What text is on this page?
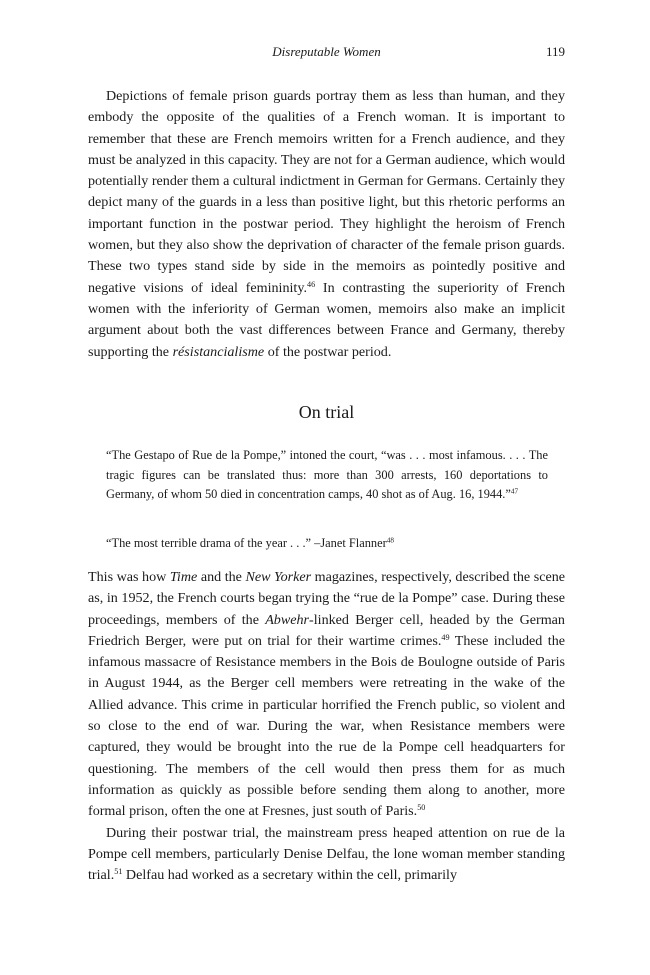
Disreputable Women	119

Depictions of female prison guards portray them as less than human, and they embody the opposite of the qualities of a French woman. It is important to remember that these are French memoirs written for a French audience, and they must be analyzed in this capacity. They are not for a German audience, which would potentially render them a cultural indictment in German for Germans. Certainly they depict many of the guards in a less than positive light, but this rhetoric performs an important function in the postwar period. They highlight the heroism of French women, but they also show the deprivation of character of the female prison guards. These two types stand side by side in the memoirs as pointedly positive and negative visions of ideal femininity.$^{46}$ In contrasting the superiority of French women with the inferiority of German women, memoirs also make an implicit argument about both the vast differences between France and Germany, thereby supporting the résistancialisme of the postwar period.

On trial

“The Gestapo of Rue de la Pompe,” intoned the court, “was . . . most infamous. . . . The tragic figures can be translated thus: more than 300 arrests, 160 deportations to Germany, of whom 50 died in concentration camps, 40 shot as of Aug. 16, 1944.”$^{47}$

“The most terrible drama of the year . . .” –Janet Flanner$^{48}$

This was how Time and the New Yorker magazines, respectively, described the scene as, in 1952, the French courts began trying the “rue de la Pompe” case. During these proceedings, members of the Abwehr-linked Berger cell, headed by the German Friedrich Berger, were put on trial for their wartime crimes.$^{49}$ These included the infamous massacre of Resistance members in the Bois de Boulogne outside of Paris in August 1944, as the Berger cell members were retreating in the wake of the Allied advance. This crime in particular horrified the French public, so violent and so close to the end of war. During the war, when Resistance members were captured, they would be brought into the rue de la Pompe cell headquarters for questioning. The members of the cell would then press them for as much information as quickly as possible before sending them along to another, more formal prison, often the one at Fresnes, just south of Paris.$^{50}$

During their postwar trial, the mainstream press heaped attention on rue de la Pompe cell members, particularly Denise Delfau, the lone woman member standing trial.$^{51}$ Delfau had worked as a secretary within the cell, primarily
